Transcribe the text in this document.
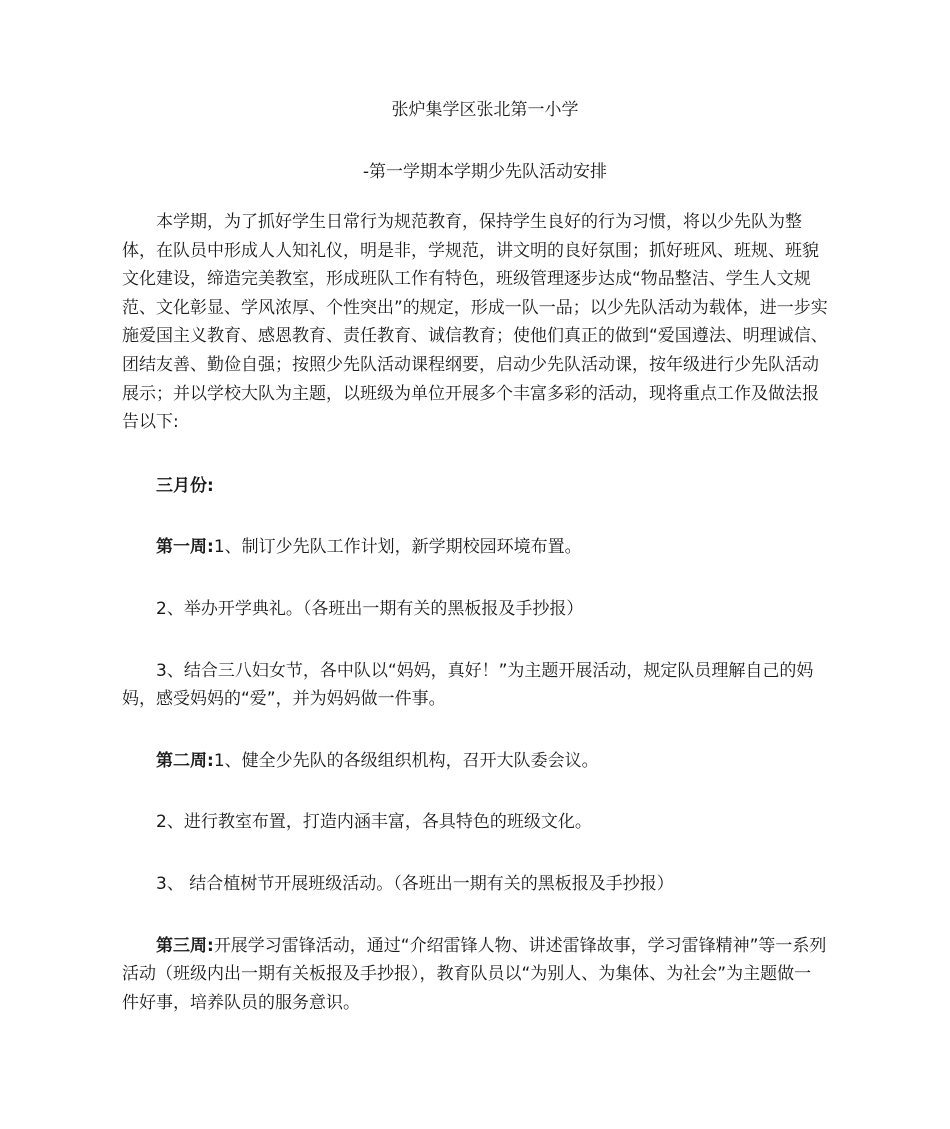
张炉集学区张北第一小学
-第一学期本学期少先队活动安排

本学期，为了抓好学生日常行为规范教育，保持学生良好的行为习惯，将以少先队为整体，在队员中形成人人知礼仪，明是非，学规范，讲文明的良好氛围；抓好班风、班规、班貌文化建设，缔造完美教室，形成班队工作有特色，班级管理逐步达成“物品整洁、学生人文规范、文化彰显、学风浓厚、个性突出”的规定，形成一队一品；以少先队活动为载体，进一步实施爱国主义教育、感恩教育、责任教育、诚信教育；使他们真正的做到“爱国遵法、明理诚信、团结友善、勤俭自强；按照少先队活动课程纲要，启动少先队活动课，按年级进行少先队活动展示；并以学校大队为主题，以班级为单位开展多个丰富多彩的活动，现将重点工作及做法报告以下:

三月份:

第一周:1、制订少先队工作计划，新学期校园环境布置。

2、举办开学典礼。（各班出一期有关的黑板报及手抄报）

3、结合三八妇女节，各中队以“妈妈，真好！”为主题开展活动，规定队员理解自己的妈妈，感受妈妈的“爱”，并为妈妈做一件事。

第二周:1、健全少先队的各级组织机构，召开大队委会议。

2、进行教室布置，打造内涵丰富，各具特色的班级文化。

3、 结合植树节开展班级活动。（各班出一期有关的黑板报及手抄报）

第三周:开展学习雷锋活动，通过“介绍雷锋人物、讲述雷锋故事，学习雷锋精神”等一系列活动（班级内出一期有关板报及手抄报），教育队员以“为别人、为集体、为社会”为主题做一件好事，培养队员的服务意识。
